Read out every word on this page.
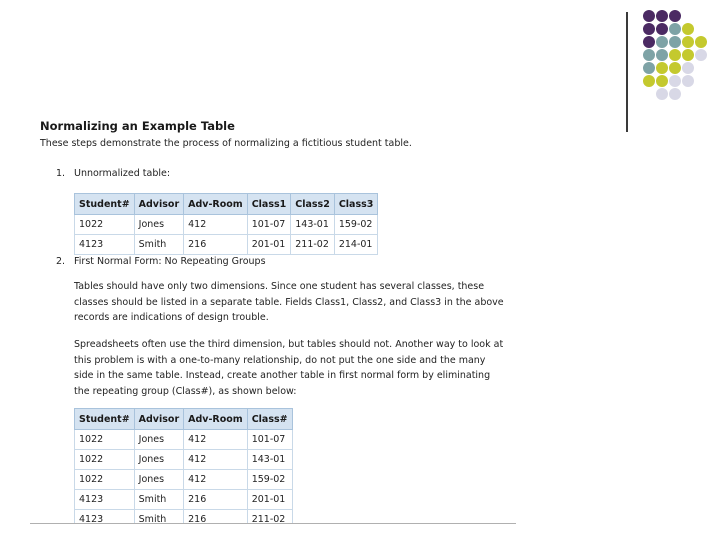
Normalizing an Example Table
These steps demonstrate the process of normalizing a fictitious student table.
1. Unnormalized table:
Student#	Advisor	Adv-Room	Class1	Class2	Class3
1022	Jones	412	101-07	143-01	159-02
4123	Smith	216	201-01	211-02	214-01
2. First Normal Form: No Repeating Groups

Tables should have only two dimensions. Since one student has several classes, these classes should be listed in a separate table. Fields Class1, Class2, and Class3 in the above records are indications of design trouble.

Spreadsheets often use the third dimension, but tables should not. Another way to look at this problem is with a one-to-many relationship, do not put the one side and the many side in the same table. Instead, create another table in first normal form by eliminating the repeating group (Class#), as shown below:

Student#	Advisor	Adv-Room	Class#
1022	Jones	412	101-07
1022	Jones	412	143-01
1022	Jones	412	159-02
4123	Smith	216	201-01
4123	Smith	216	211-02
